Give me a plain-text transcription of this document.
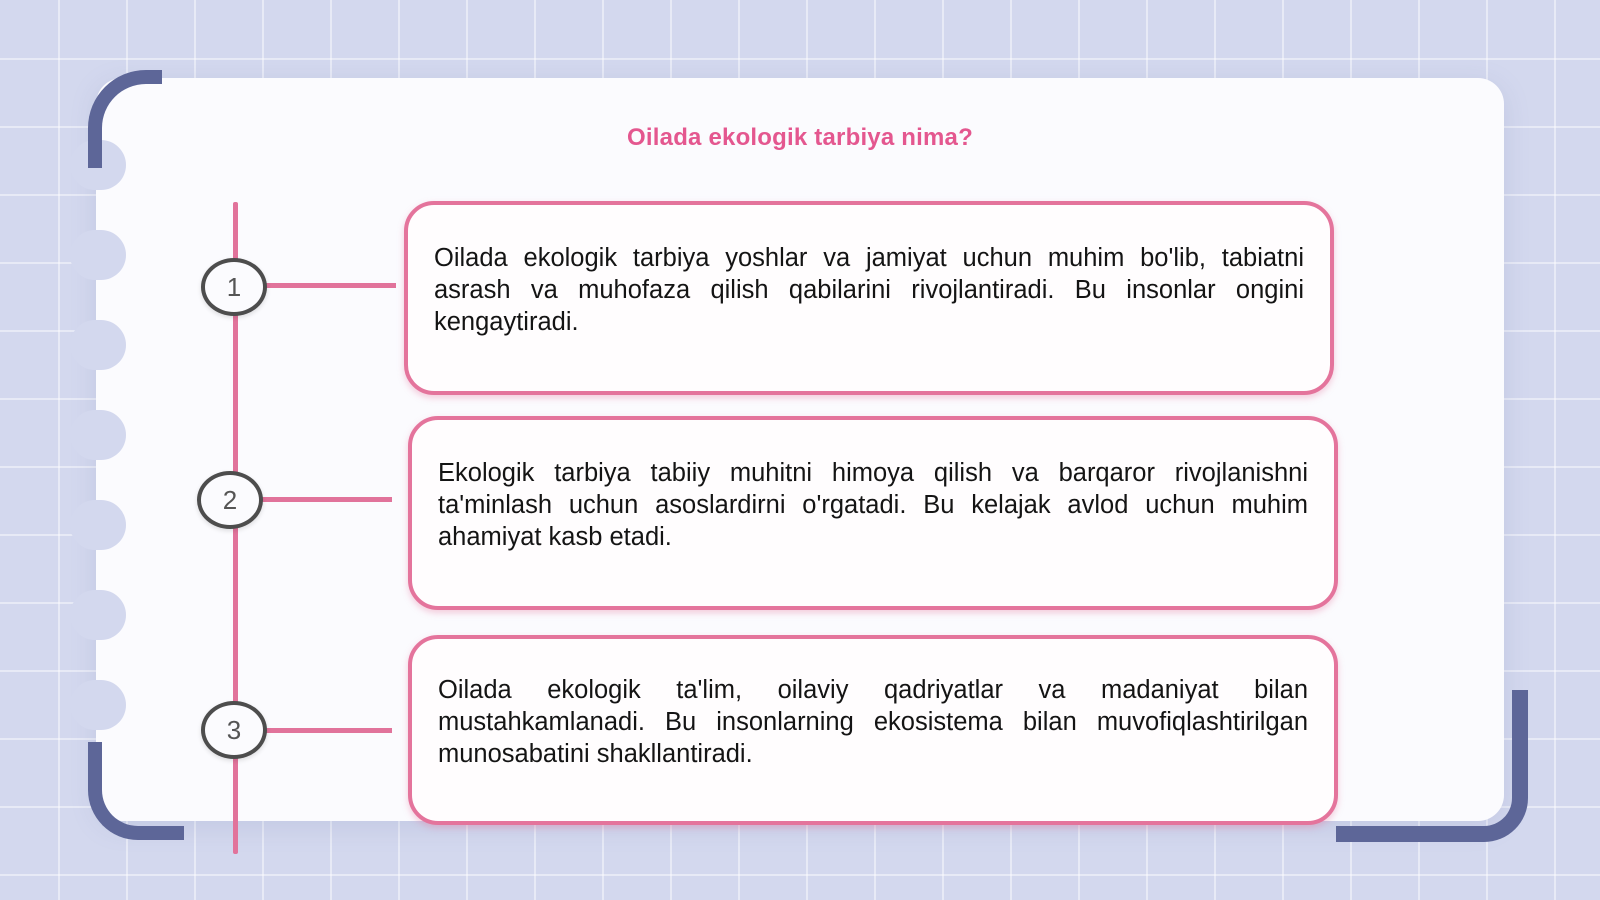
Oilada ekologik tarbiya nima?
1

Oilada ekologik tarbiya yoshlar va jamiyat uchun muhim bo'lib, tabiatni asrash va muhofaza qilish qabilarini rivojlantiradi. Bu insonlar ongini kengaytiradi.

2

Ekologik tarbiya tabiiy muhitni himoya qilish va barqaror rivojlanishni ta'minlash uchun asoslardirni o'rgatadi. Bu kelajak avlod uchun muhim ahamiyat kasb etadi.

3

Oilada ekologik ta'lim, oilaviy qadriyatlar va madaniyat bilan mustahkamlanadi. Bu insonlarning ekosistema bilan muvofiqlashtirilgan munosabatini shakllantiradi.
